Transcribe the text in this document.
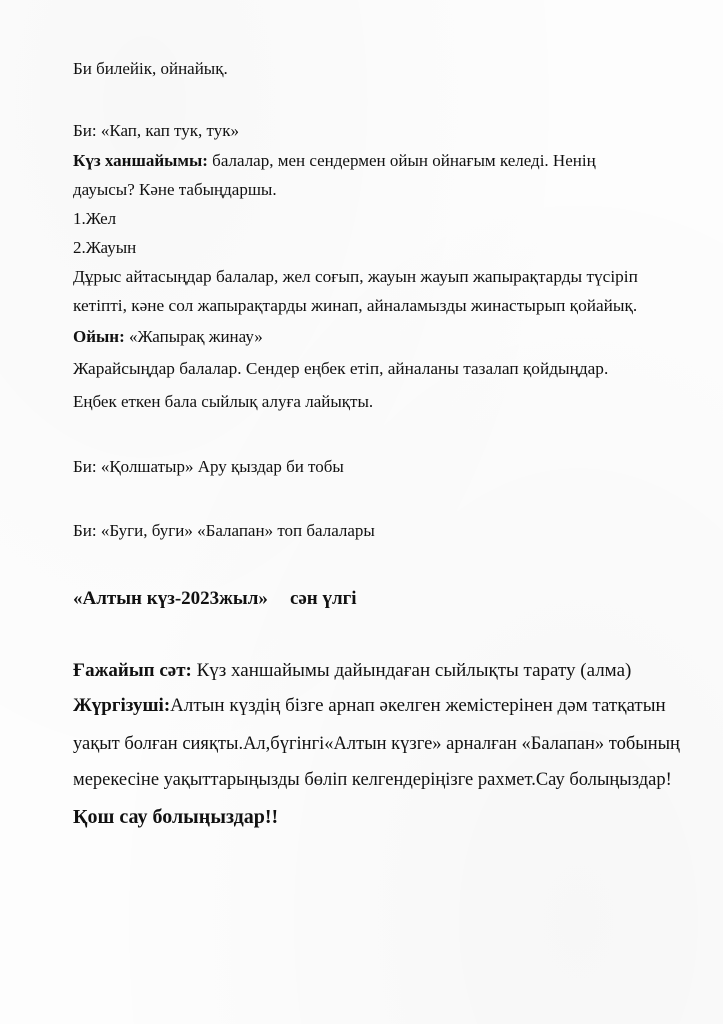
Би билейік, ойнайық.
Би: «Кап, кап тук, тук»
Күз ханшайымы: балалар, мен сендермен ойын ойнағым келеді. Ненің
дауысы? Кәне табыңдаршы.
1.Жел
2.Жауын
Дұрыс айтасыңдар балалар, жел соғып, жауын жауып жапырақтарды түсіріп
кетіпті, кәне сол жапырақтарды жинап, айналамызды жинастырып қойайық.
Ойын: «Жапырақ жинау»
Жарайсыңдар балалар. Сендер еңбек етіп, айналаны тазалап қойдыңдар.
Еңбек еткен бала сыйлық алуға лайықты.
Би: «Қолшатыр» Ару қыздар би тобы
Би: «Буги, буги» «Балапан» топ балалары
«Алтын күз-2023жыл» сән үлгі
Ғажайып сәт: Күз ханшайымы дайындаған сыйлықты тарату (алма)
Жүргізуші:Алтын күздің бізге арнап әкелген жемістерінен дәм татқатын
уақыт болған сияқты.Ал,бүгінгі«Алтын күзге» арналған «Балапан» тобының
мерекесіне уақыттарыңызды бөліп келгендеріңізге рахмет.Сау болыңыздар!
Қош сау болыңыздар!!
